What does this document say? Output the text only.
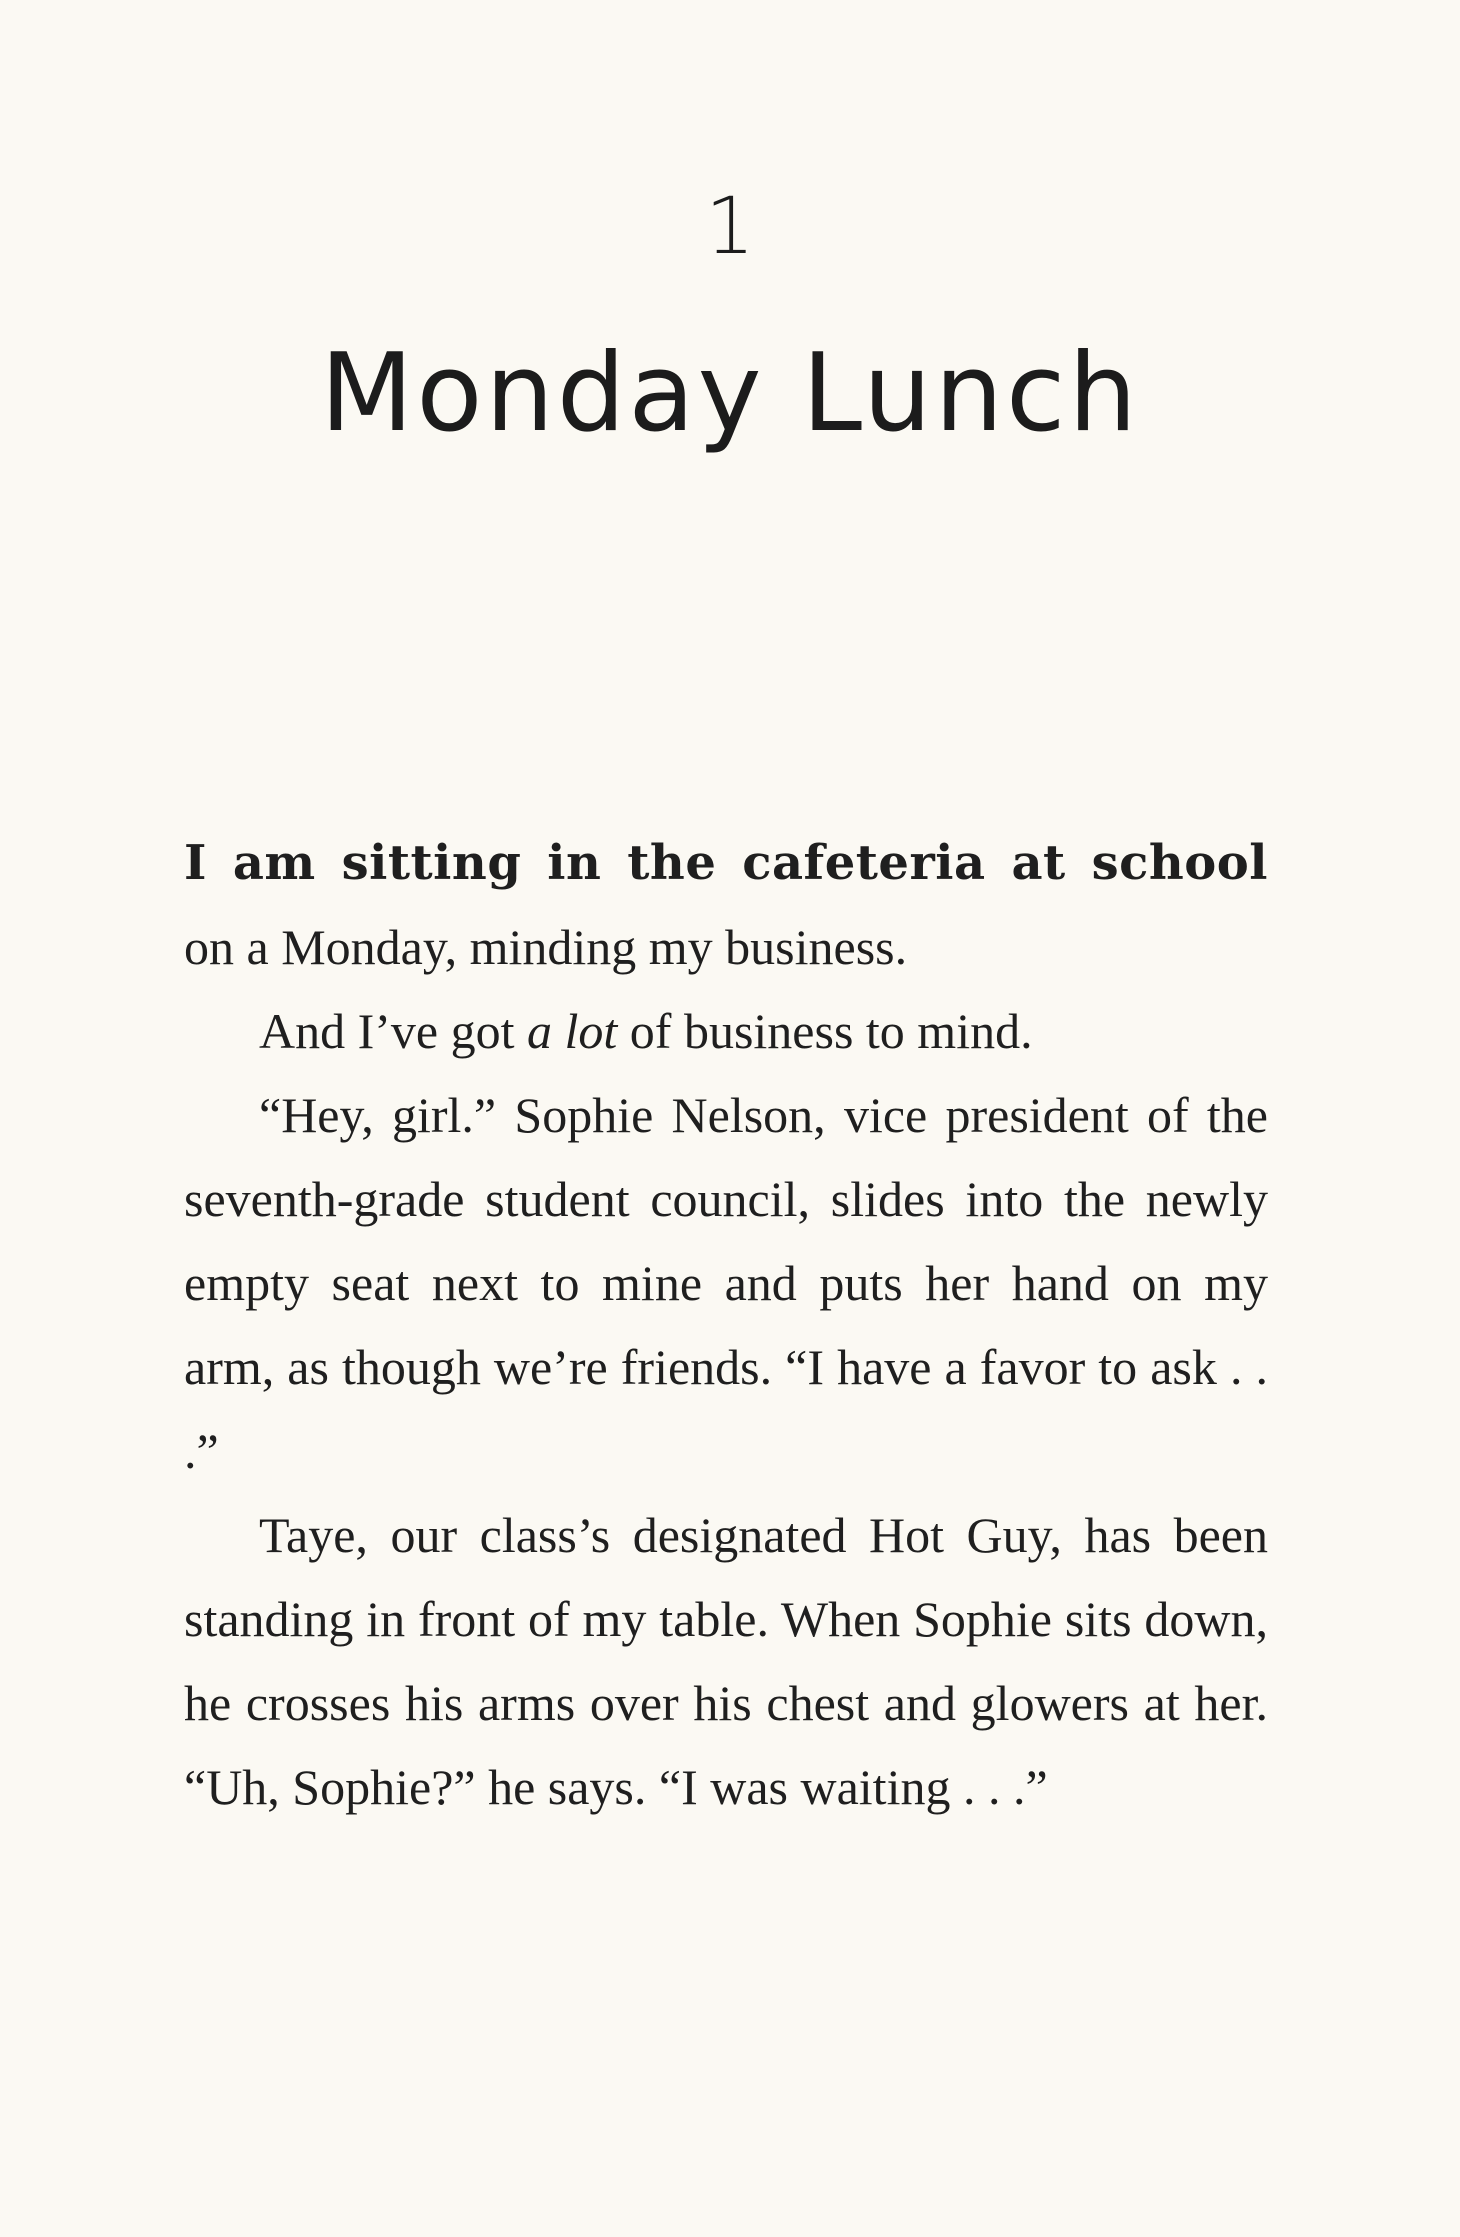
1
Monday Lunch

I am sitting in the cafeteria at school on a Monday, minding my business.

And I’ve got a lot of business to mind.

“Hey, girl.” Sophie Nelson, vice president of the seventh-grade student council, slides into the newly empty seat next to mine and puts her hand on my arm, as though we’re friends. “I have a favor to ask . . .”

Taye, our class’s designated Hot Guy, has been standing in front of my table. When Sophie sits down, he crosses his arms over his chest and glowers at her. “Uh, Sophie?” he says. “I was waiting . . .”
